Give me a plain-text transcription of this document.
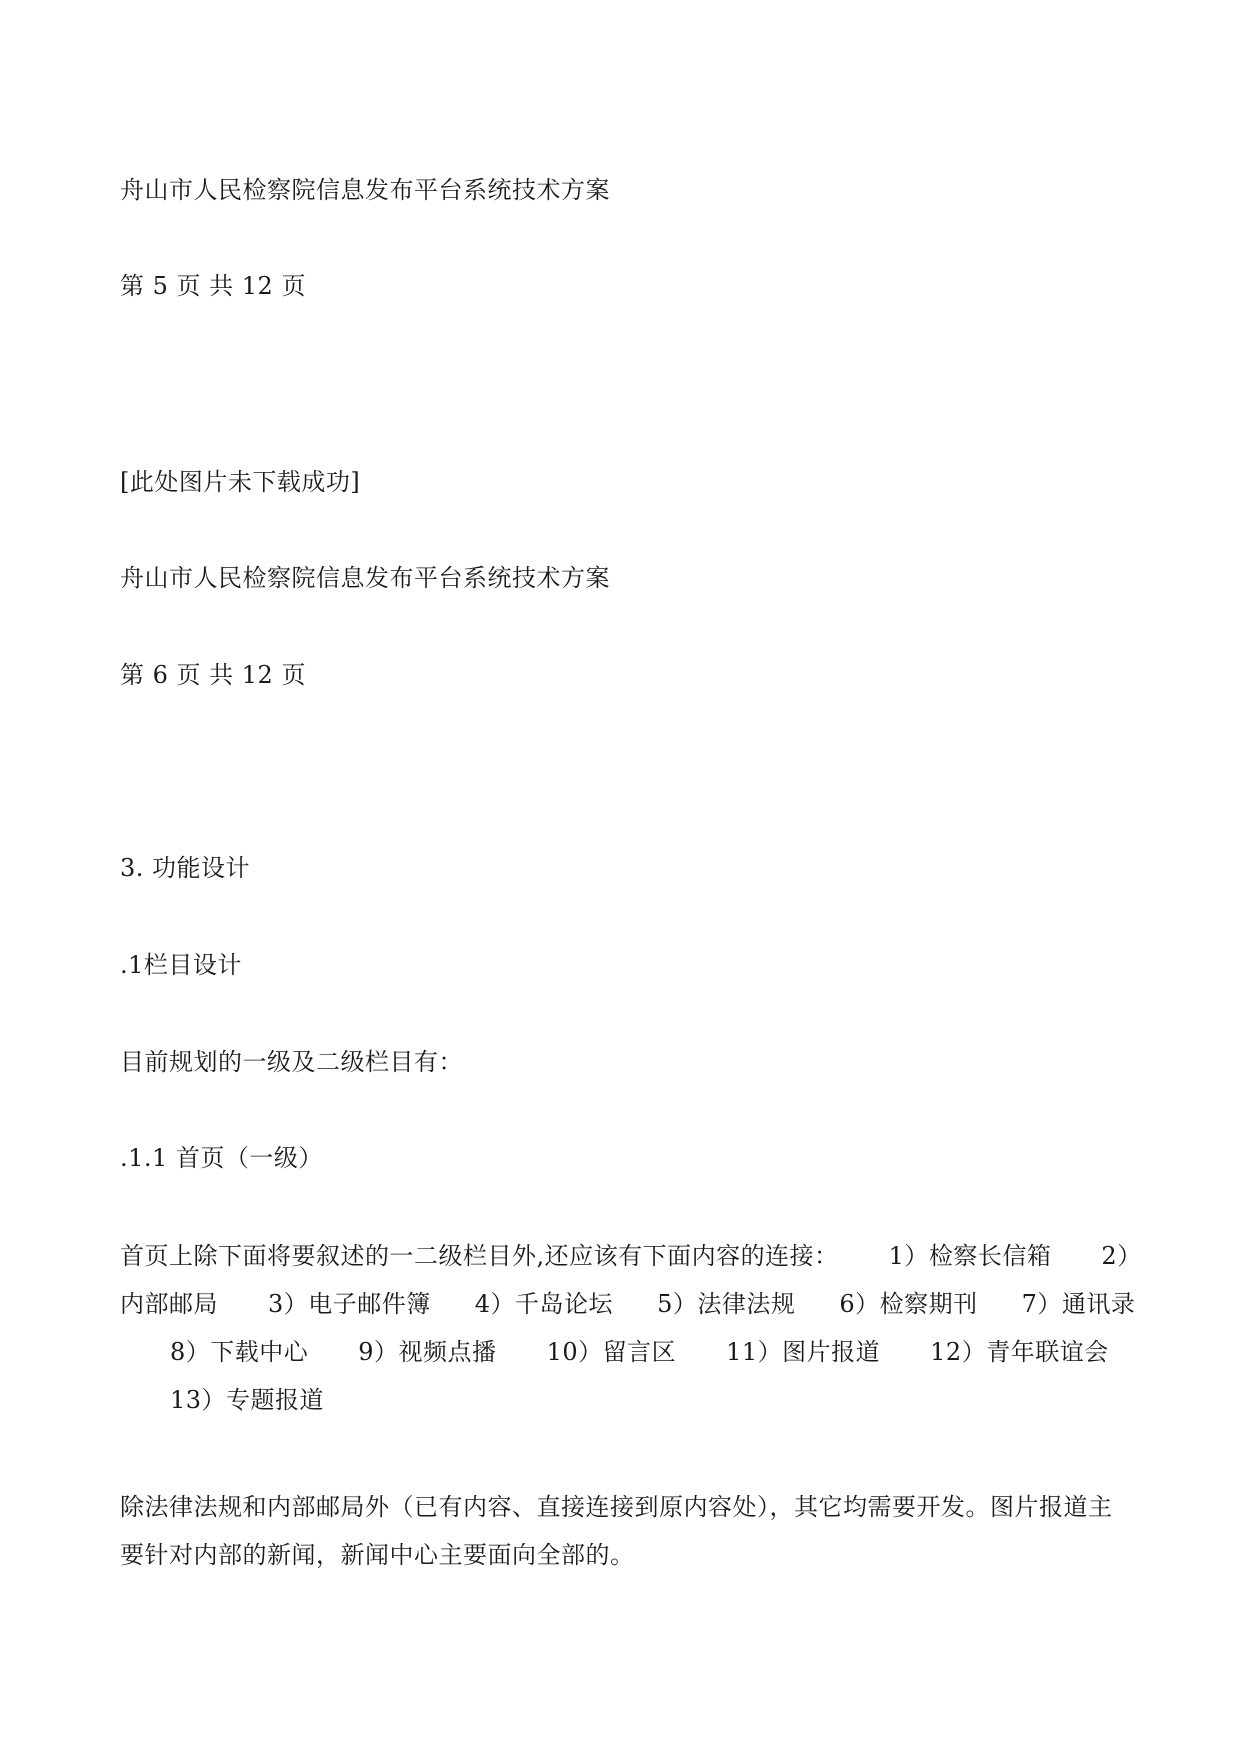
舟山市人民检察院信息发布平台系统技术方案
第 5 页 共 12 页
[此处图片未下载成功]
舟山市人民检察院信息发布平台系统技术方案
第 6 页 共 12 页
3. 功能设计
.1栏目设计
目前规划的一级及二级栏目有：
.1.1 首页（一级）
首页上除下面将要叙述的一二级栏目外,还应该有下面内容的连接： 1）检察长信箱 2）内部邮局 3）电子邮件簿 4）千岛论坛 5）法律法规 6）检察期刊 7）通讯录8）下载中心 9）视频点播 10）留言区 11）图片报道 12）青年联谊会13）专题报道
除法律法规和内部邮局外（已有内容、直接连接到原内容处），其它均需要开发。图片报道主要针对内部的新闻，新闻中心主要面向全部的。
